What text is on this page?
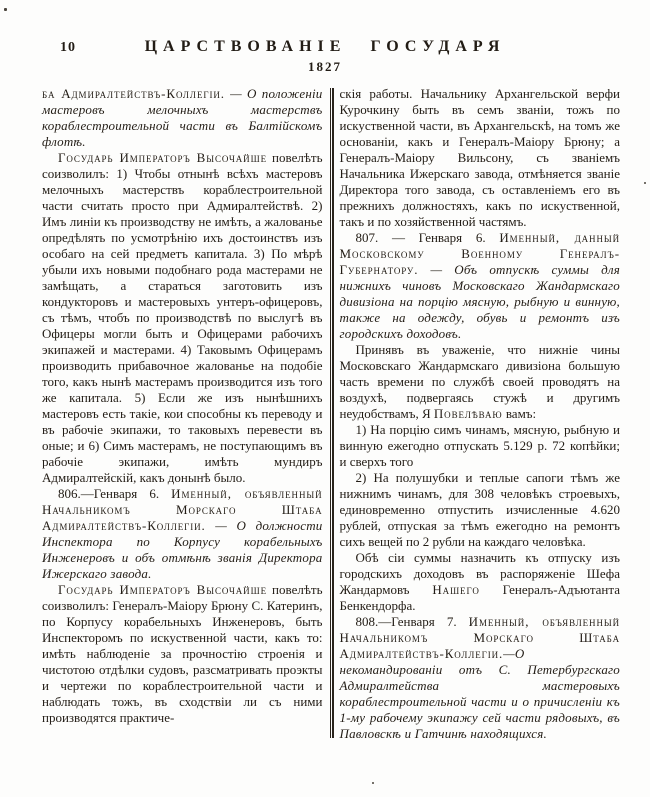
10	ЦАРСТВОВАНІЕ ГОСУДАРЯ
1827

ба Адмиралтействъ-Коллегіи. — О положеніи мастеровъ мелочныхъ мастерствъ кораблестроительной части въ Балтійскомъ флотѣ.

Государь Императоръ Высочайше повелѣть соизволилъ: 1) Чтобы отнынѣ всѣхъ мастеровъ мелочныхъ мастерствъ кораблестроительной части считать просто при Адмиралтействѣ. 2) Имъ линіи къ производству не имѣть, а жалованье опредѣлять по усмотрѣнію ихъ достоинствъ изъ особаго на сей предметъ капитала. 3) По мѣрѣ убыли ихъ новыми подобнаго рода мастерами не замѣщать, а стараться заготовить изъ кондукторовъ и мастеровыхъ унтеръ-офицеровъ, съ тѣмъ, чтобъ по производствѣ по выслугѣ въ Офицеры могли быть и Офицерами рабочихъ экипажей и мастерами. 4) Таковымъ Офицерамъ производить прибавочное жалованье на подобіе того, какъ нынѣ мастерамъ производится изъ того же капитала. 5) Если же изъ нынѣшнихъ мастеровъ есть такіе, кои способны къ переводу и въ рабочіе экипажи, то таковыхъ перевести въ оные; и 6) Симъ мастерамъ, не поступающимъ въ рабочіе экипажи, имѣть мундиръ Адмиралтейскій, какъ донынѣ было.

806.—Генваря 6. Именный, объявленный Начальникомъ Морскаго Штаба Адмиралтействъ-Коллегіи. — О должности Инспектора по Корпусу корабельныхъ Инженеровъ и объ отмѣнѣ званія Директора Ижерскаго завода.

Государь Императоръ Высочайше повелѣть соизволилъ: Генералъ-Маіору Брюну С. Катеринъ, по Корпусу корабельныхъ Инженеровъ, быть Инспекторомъ по искуственной части, какъ то: имѣть наблюденіе за прочностію строенія и чистотою отдѣлки судовъ, разсматривать проэкты и чертежи по кораблестроительной части и наблюдать тожъ, въ сходствіи ли съ ними производятся практиче-

скія работы. Начальнику Архангельской верфи Курочкину быть въ семъ званіи, тожъ по искуственной части, въ Архангельскѣ, на томъ же основаніи, какъ и Генералъ-Маіору Брюну; а Генералъ-Маіору Вильсону, съ званіемъ Начальника Ижерскаго завода, отмѣняется званіе Директора того завода, съ оставленіемъ его въ прежнихъ должностяхъ, какъ по искуственной, такъ и по хозяйственной частямъ.

807. — Генваря 6. Именный, данный Московскому Военному Генералъ-Губернатору. — Объ отпускѣ суммы для нижнихъ чиновъ Московскаго Жандармскаго дивизіона на порцію мясную, рыбную и винную, также на одежду, обувь и ремонтъ изъ городскихъ доходовъ.

Принявъ въ уваженіе, что нижніе чины Московскаго Жандармскаго дивизіона большую часть времени по службѣ своей проводятъ на воздухѣ, подвергаясь стужѣ и другимъ неудобствамъ, Я Повелѣваю вамъ:

1) На порцію симъ чинамъ, мясную, рыбную и винную ежегодно отпускать 5.129 р. 72 копѣйки; и сверхъ того

2) На полушубки и теплые сапоги тѣмъ же нижнимъ чинамъ, для 308 человѣкъ строевыхъ, единовременно отпустить изчисленные 4.620 рублей, отпуская за тѣмъ ежегодно на ремонтъ сихъ вещей по 2 рубли на каждаго человѣка.

Обѣ сіи суммы назначить къ отпуску изъ городскихъ доходовъ въ распоряженіе Шефа Жандармовъ Нашего Генералъ-Адъютанта Бенкендорфа.

808.—Генваря 7. Именный, объявленный Начальникомъ Морскаго Штаба Адмиралтействъ-Коллегіи.—О некомандированіи отъ С. Петербургскаго Адмиралтейства мастеровыхъ кораблестроительной части и о причисленіи къ 1-му рабочему экипажу сей части рядовыхъ, въ Павловскѣ и Гатчинѣ находящихся.
